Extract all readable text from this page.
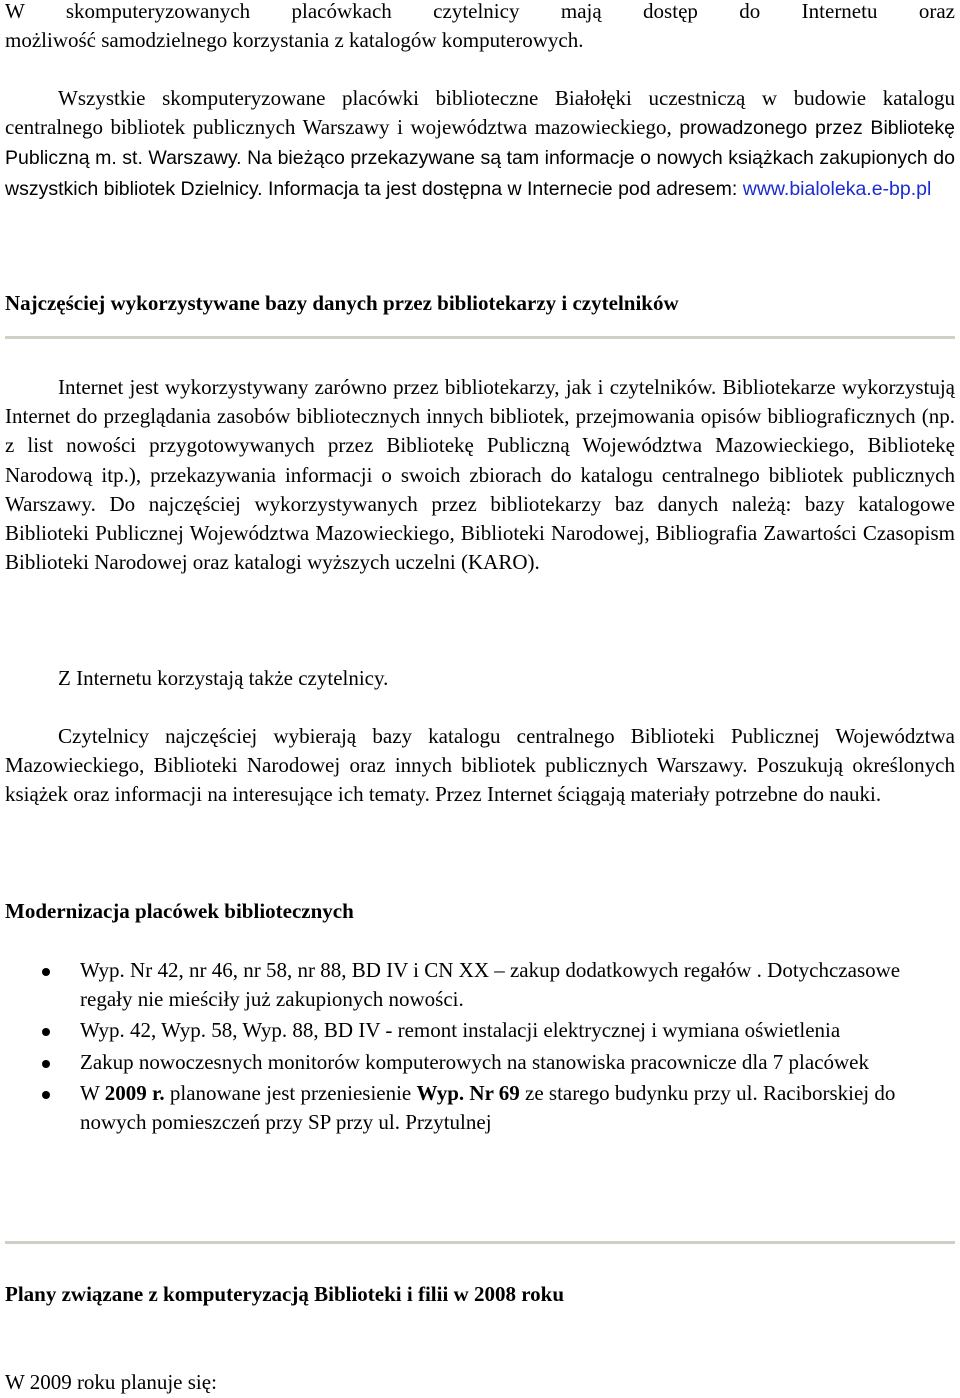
W skomputeryzowanych placówkach czytelnicy mają dostęp do Internetu oraz
możliwość samodzielnego korzystania z katalogów komputerowych.
Wszystkie skomputeryzowane placówki biblioteczne Białołęki uczestniczą w budowie katalogu centralnego bibliotek publicznych Warszawy i województwa mazowieckiego, prowadzonego przez Bibliotekę Publiczną m. st. Warszawy. Na bieżąco przekazywane są tam informacje o nowych książkach zakupionych do wszystkich bibliotek Dzielnicy. Informacja ta jest dostępna w Internecie pod adresem: www.bialoleka.e-bp.pl
Najczęściej wykorzystywane bazy danych przez bibliotekarzy i czytelników
Internet jest wykorzystywany zarówno przez bibliotekarzy, jak i czytelników. Bibliotekarze wykorzystują Internet do przeglądania zasobów bibliotecznych innych bibliotek, przejmowania opisów bibliograficznych (np. z list nowości przygotowywanych przez Bibliotekę Publiczną Województwa Mazowieckiego, Bibliotekę Narodową itp.), przekazywania informacji o swoich zbiorach do katalogu centralnego bibliotek publicznych Warszawy. Do najczęściej wykorzystywanych przez bibliotekarzy baz danych należą: bazy katalogowe Biblioteki Publicznej Województwa Mazowieckiego, Biblioteki Narodowej, Bibliografia Zawartości Czasopism Biblioteki Narodowej oraz katalogi wyższych uczelni (KARO).
Z Internetu korzystają także czytelnicy.
Czytelnicy najczęściej wybierają bazy katalogu centralnego Biblioteki Publicznej Województwa Mazowieckiego, Biblioteki Narodowej oraz innych bibliotek publicznych Warszawy. Poszukują określonych książek oraz informacji na interesujące ich tematy. Przez Internet ściągają materiały potrzebne do nauki.
Modernizacja placówek bibliotecznych
Wyp. Nr 42, nr 46, nr 58, nr 88, BD IV i CN XX – zakup dodatkowych regałów . Dotychczasowe regały nie mieściły już zakupionych nowości.
Wyp. 42, Wyp. 58, Wyp. 88, BD IV - remont instalacji elektrycznej i wymiana oświetlenia
Zakup nowoczesnych monitorów komputerowych na stanowiska pracownicze dla 7 placówek
W 2009 r. planowane jest przeniesienie Wyp. Nr 69 ze starego budynku przy ul. Raciborskiej do nowych pomieszczeń przy SP przy ul. Przytulnej
Plany związane z komputeryzacją Biblioteki i filii w 2008 roku
W 2009 roku planuje się:
